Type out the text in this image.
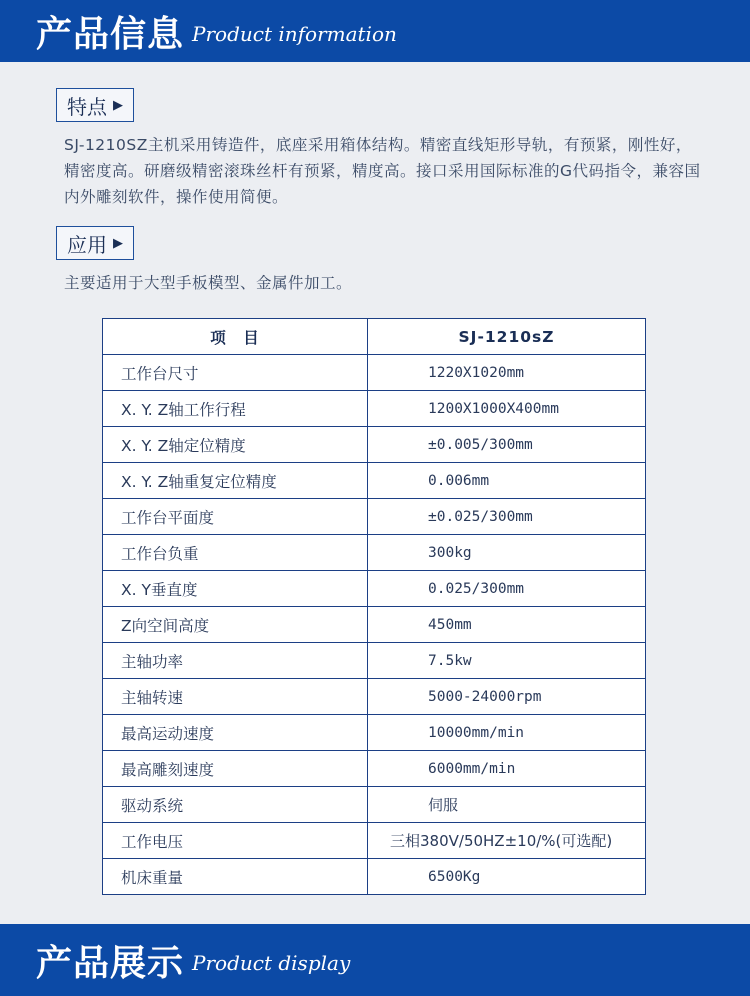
产品信息 Product information
特点 ▶
SJ-1210SZ主机采用铸造件，底座采用箱体结构。精密直线矩形导轨，有预紧，刚性好，精密度高。研磨级精密滚珠丝杆有预紧，精度高。接口采用国际标准的G代码指令，兼容国内外雕刻软件，操作使用简便。
应用 ▶
主要适用于大型手板模型、金属件加工。
项　目	SJ-1210sZ
工作台尺寸	1220X1020mm
X. Y. Z轴工作行程	1200X1000X400mm
X. Y. Z轴定位精度	±0.005/300mm
X. Y. Z轴重复定位精度	0.006mm
工作台平面度	±0.025/300mm
工作台负重	300kg
X. Y垂直度	0.025/300mm
Z向空间高度	450mm
主轴功率	7.5kw
主轴转速	5000-24000rpm
最高运动速度	10000mm/min
最高雕刻速度	6000mm/min
驱动系统	伺服
工作电压	三相380V/50HZ±10/%(可选配)
机床重量	6500Kg
产品展示 Product display
